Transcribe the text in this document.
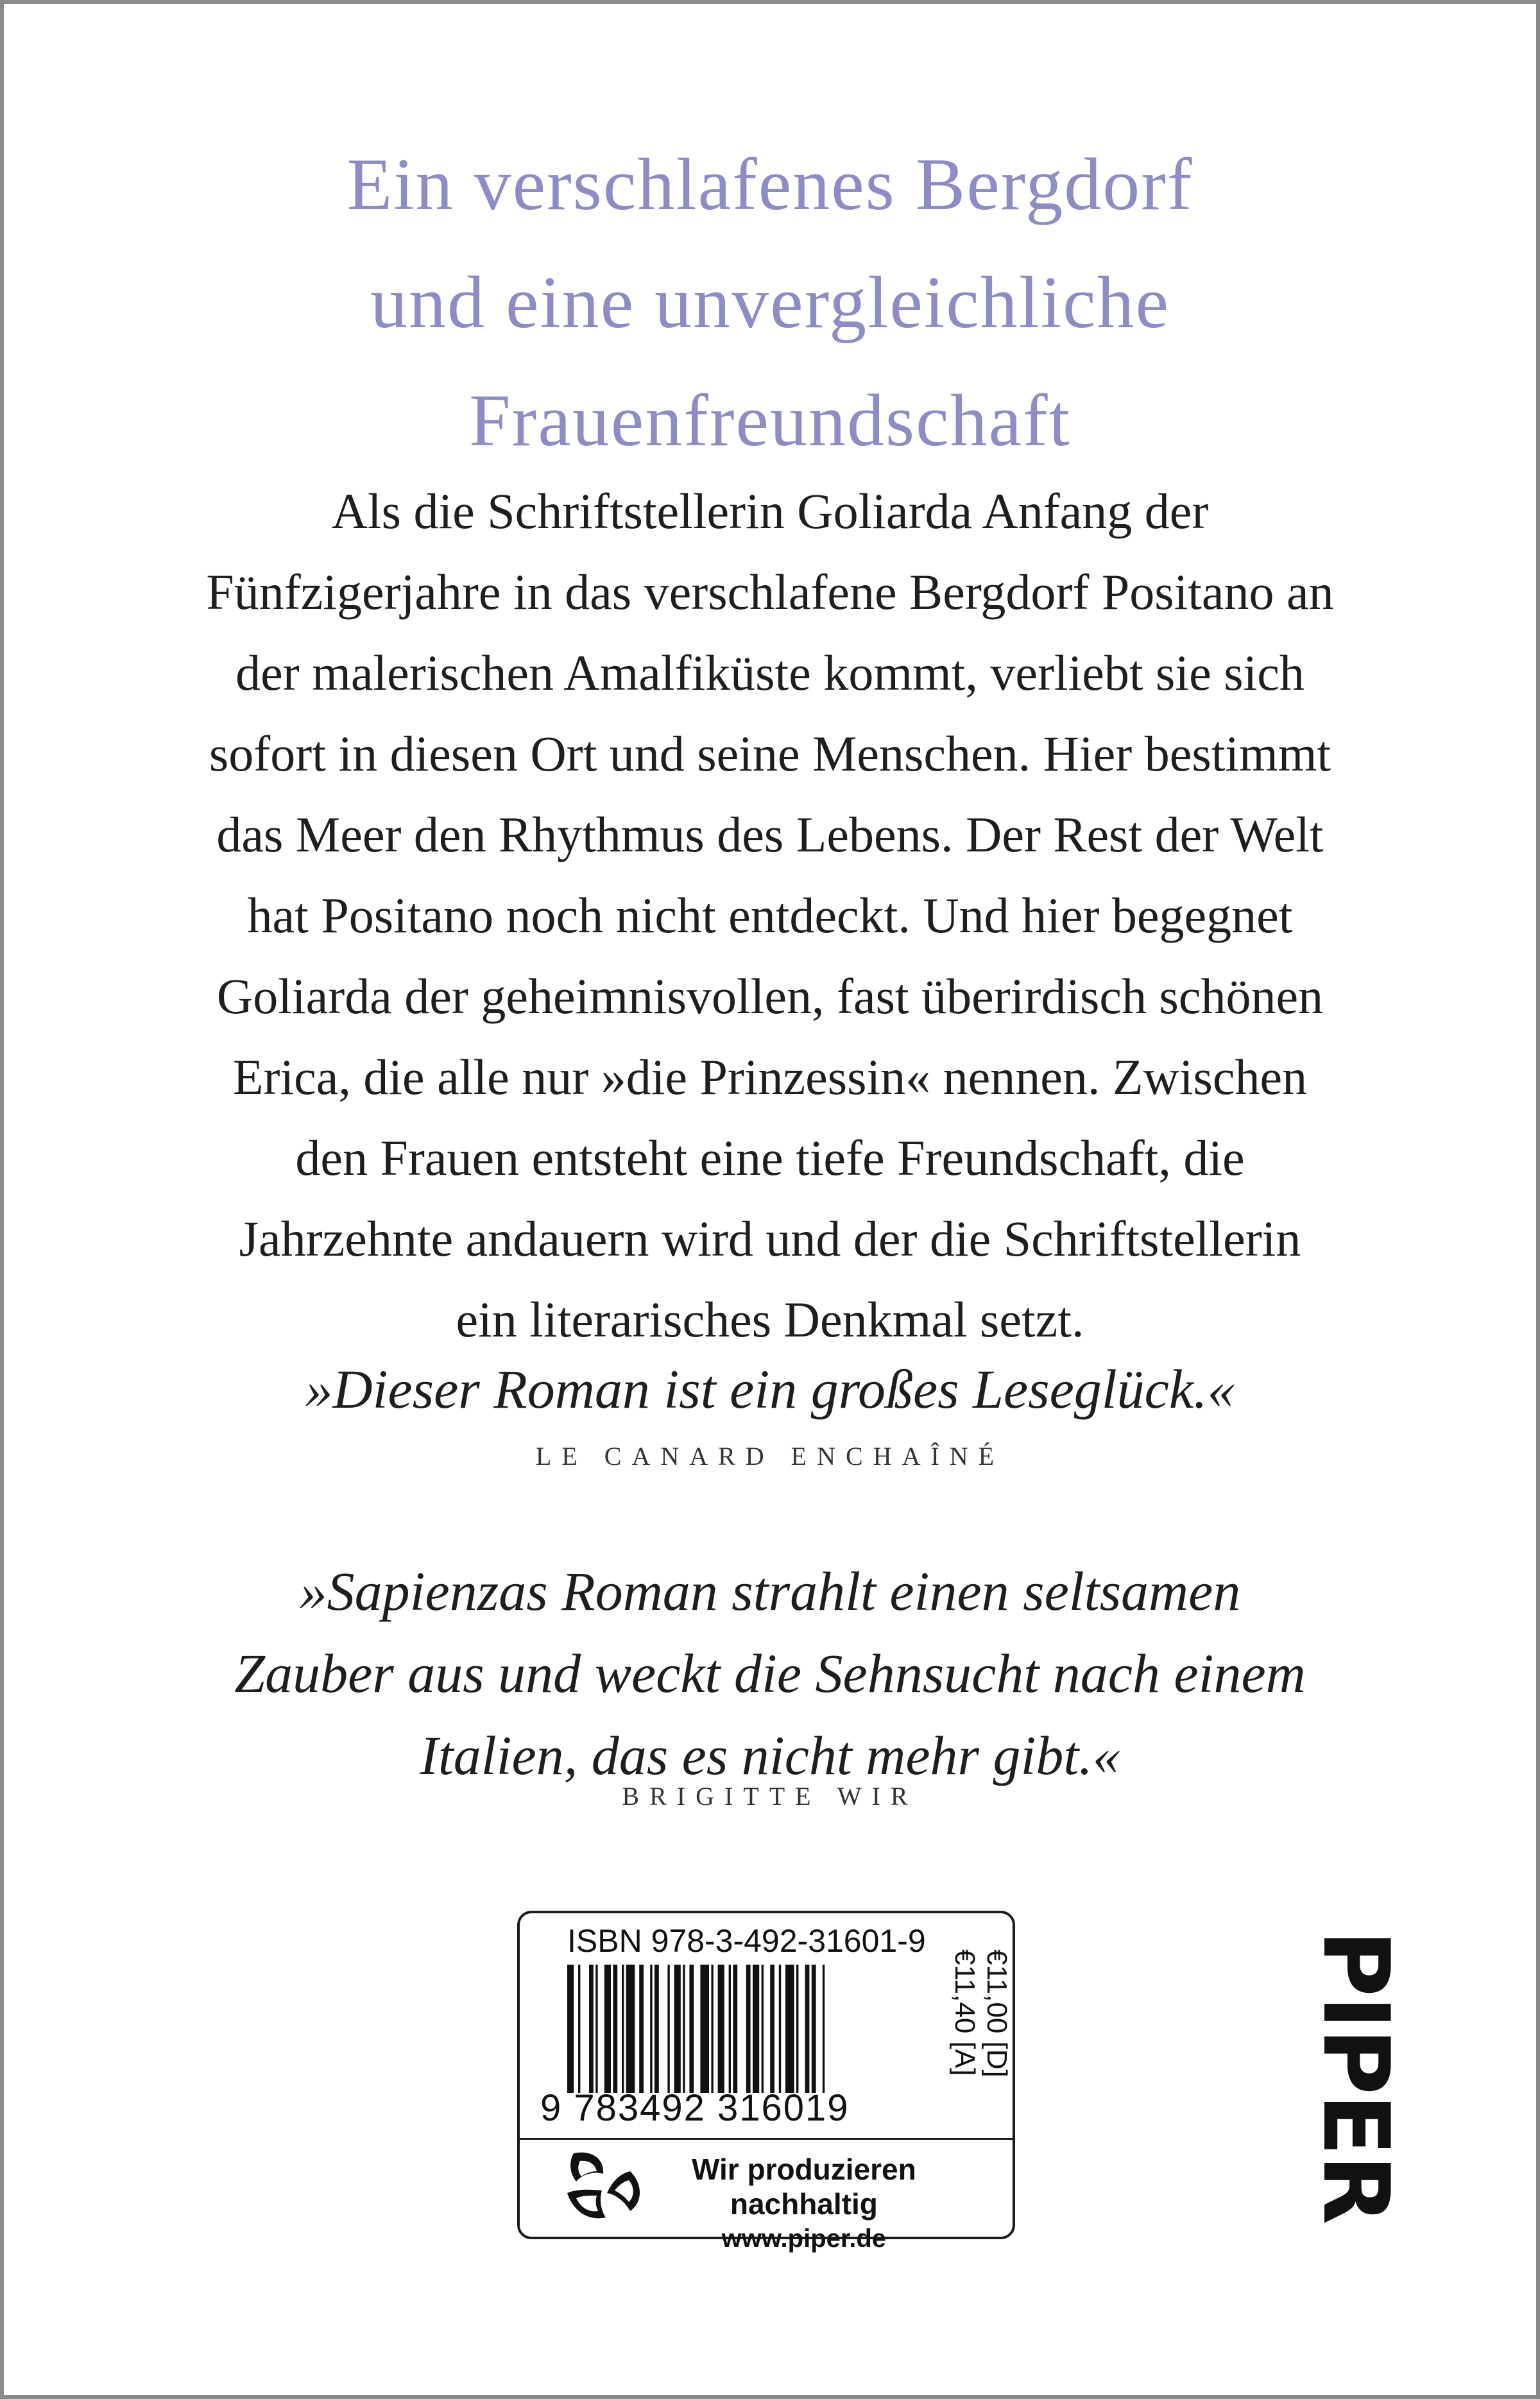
Ein verschlafenes Bergdorf
und eine unvergleichliche
Frauenfreundschaft
Als die Schriftstellerin Goliarda Anfang der
Fünfzigerjahre in das verschlafene Bergdorf Positano an
der malerischen Amalfiküste kommt, verliebt sie sich
sofort in diesen Ort und seine Menschen. Hier bestimmt
das Meer den Rhythmus des Lebens. Der Rest der Welt
hat Positano noch nicht entdeckt. Und hier begegnet
Goliarda der geheimnisvollen, fast überirdisch schönen
Erica, die alle nur »die Prinzessin« nennen. Zwischen
den Frauen entsteht eine tiefe Freundschaft, die
Jahrzehnte andauern wird und der die Schriftstellerin
ein literarisches Denkmal setzt.
»Dieser Roman ist ein großes Leseglück.«
LE CANARD ENCHAÎNÉ
»Sapienzas Roman strahlt einen seltsamen
Zauber aus und weckt die Sehnsucht nach einem
Italien, das es nicht mehr gibt.«
BRIGITTE WIR
ISBN 978-3-492-31601-9
9 783492 316019
€11,00 [D]
€11,40 [A]
Wir produzieren
nachhaltig
www.piper.de
PIPER
